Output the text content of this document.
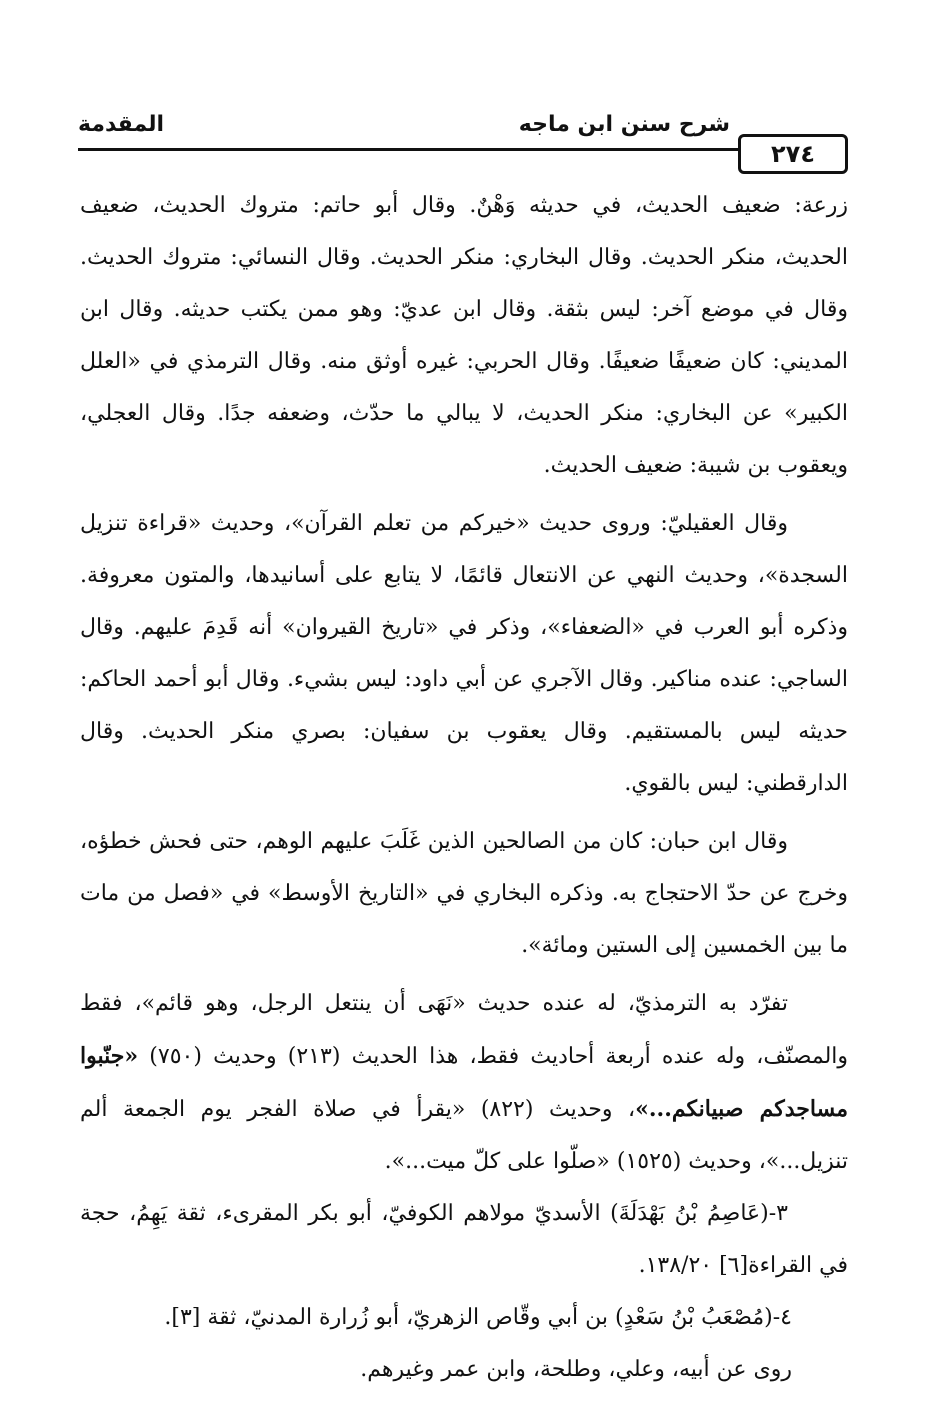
المقدمة	شرح سنن ابن ماجه
٢٧٤

زرعة: ضعيف الحديث، في حديثه وَهْنٌ. وقال أبو حاتم: متروك الحديث، ضعيف الحديث، منكر الحديث. وقال البخاري: منكر الحديث. وقال النسائي: متروك الحديث. وقال في موضع آخر: ليس بثقة. وقال ابن عديّ: وهو ممن يكتب حديثه. وقال ابن المديني: كان ضعيفًا ضعيفًا. وقال الحربي: غيره أوثق منه. وقال الترمذي في «العلل الكبير» عن البخاري: منكر الحديث، لا يبالي ما حدّث، وضعفه جدًا. وقال العجلي، ويعقوب بن شيبة: ضعيف الحديث.

وقال العقيليّ: وروى حديث «خيركم من تعلم القرآن»، وحديث «قراءة تنزيل السجدة»، وحديث النهي عن الانتعال قائمًا، لا يتابع على أسانيدها، والمتون معروفة. وذكره أبو العرب في «الضعفاء»، وذكر في «تاريخ القيروان» أنه قَدِمَ عليهم. وقال الساجي: عنده مناكير. وقال الآجري عن أبي داود: ليس بشيء. وقال أبو أحمد الحاكم: حديثه ليس بالمستقيم. وقال يعقوب بن سفيان: بصري منكر الحديث. وقال الدارقطني: ليس بالقوي.

وقال ابن حبان: كان من الصالحين الذين غَلَبَ عليهم الوهم، حتى فحش خطؤه، وخرج عن حدّ الاحتجاج به. وذكره البخاري في «التاريخ الأوسط» في «فصل من مات ما بين الخمسين إلى الستين ومائة».

تفرّد به الترمذيّ، له عنده حديث «نَهَى أن ينتعل الرجل، وهو قائم»، فقط والمصنّف، وله عنده أربعة أحاديث فقط، هذا الحديث (٢١٣) وحديث (٧٥٠) «جنّبوا مساجدكم صبيانكم...»، وحديث (٨٢٢) «يقرأ في صلاة الفجر يوم الجمعة ألم تنزيل...»، وحديث (١٥٢٥) «صلّوا على كلّ ميت...».

٣-(عَاصِمُ بْنُ بَهْدَلَةَ) الأسديّ مولاهم الكوفيّ، أبو بكر المقرىء، ثقة يَهِمُ، حجة في القراءة[٦] ١٣٨/٢٠.

٤-(مُصْعَبُ بْنُ سَعْدٍ) بن أبي وقّاص الزهريّ، أبو زُرارة المدنيّ، ثقة [٣].

روى عن أبيه، وعلي، وطلحة، وابن عمر وغيرهم.
